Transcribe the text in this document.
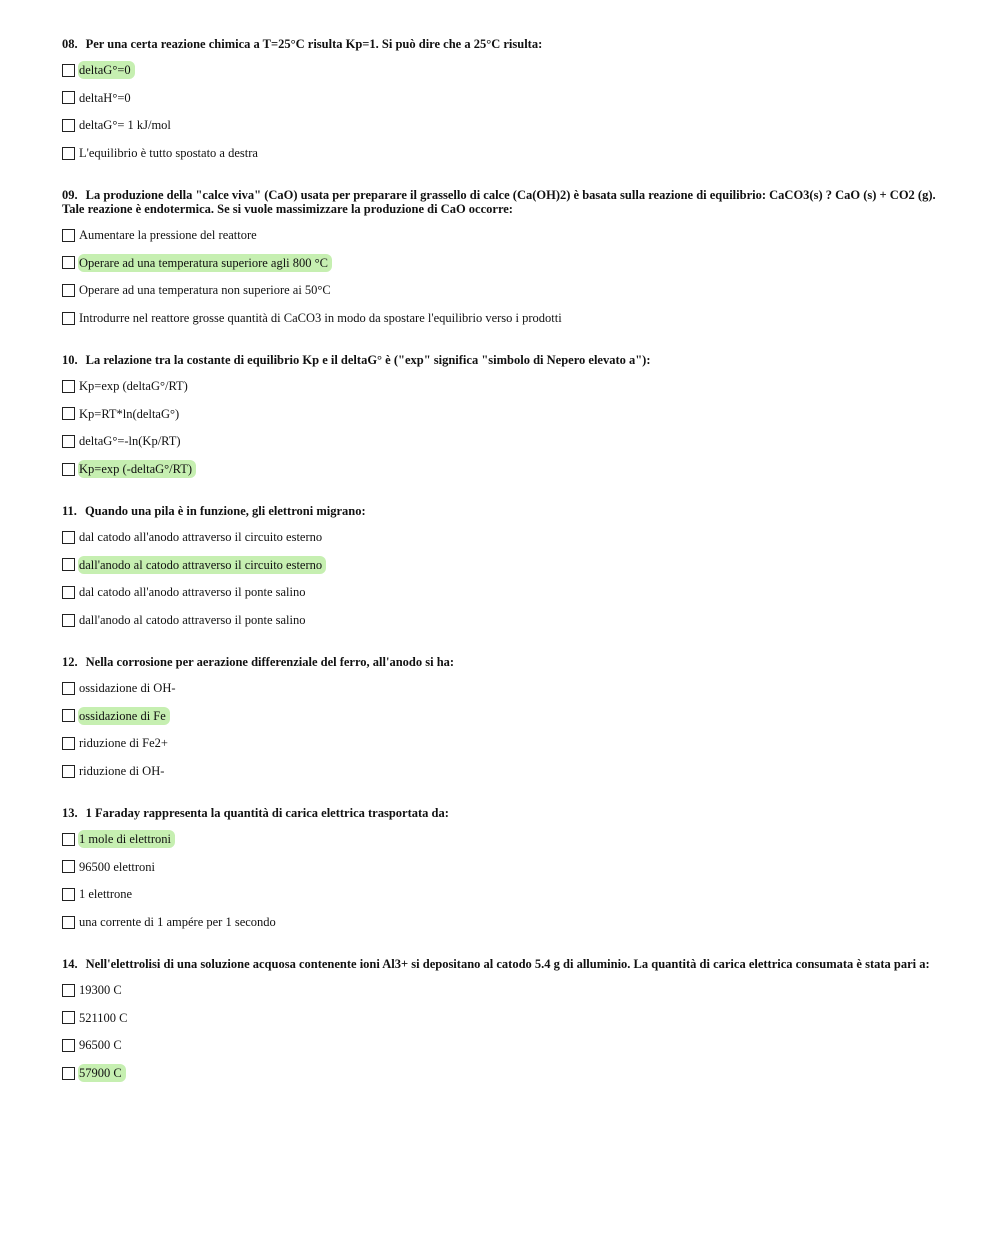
08. Per una certa reazione chimica a T=25°C risulta Kp=1. Si può dire che a 25°C risulta:
deltaG°=0
deltaH°=0
deltaG°= 1 kJ/mol
L'equilibrio è tutto spostato a destra
09. La produzione della "calce viva" (CaO) usata per preparare il grassello di calce (Ca(OH)2) è basata sulla reazione di equilibrio: CaCO3(s) ? CaO (s) + CO2 (g). Tale reazione è endotermica. Se si vuole massimizzare la produzione di CaO occorre:
Aumentare la pressione del reattore
Operare ad una temperatura superiore agli 800 °C
Operare ad una temperatura non superiore ai 50°C
Introdurre nel reattore grosse quantità di CaCO3 in modo da spostare l'equilibrio verso i prodotti
10. La relazione tra la costante di equilibrio Kp e il deltaG° è ("exp" significa "simbolo di Nepero elevato a"):
Kp=exp (deltaG°/RT)
Kp=RT*ln(deltaG°)
deltaG°=-ln(Kp/RT)
Kp=exp (-deltaG°/RT)
11. Quando una pila è in funzione, gli elettroni migrano:
dal catodo all'anodo attraverso il circuito esterno
dall'anodo al catodo attraverso il circuito esterno
dal catodo all'anodo attraverso il ponte salino
dall'anodo al catodo attraverso il ponte salino
12. Nella corrosione per aerazione differenziale del ferro, all'anodo si ha:
ossidazione di OH-
ossidazione di Fe
riduzione di Fe2+
riduzione di OH-
13. 1 Faraday rappresenta la quantità di carica elettrica trasportata da:
1 mole di elettroni
96500 elettroni
1 elettrone
una corrente di 1 ampére per 1 secondo
14. Nell'elettrolisi di una soluzione acquosa contenente ioni Al3+ si depositano al catodo 5.4 g di alluminio. La quantità di carica elettrica consumata è stata pari a:
19300 C
521100 C
96500 C
57900 C
